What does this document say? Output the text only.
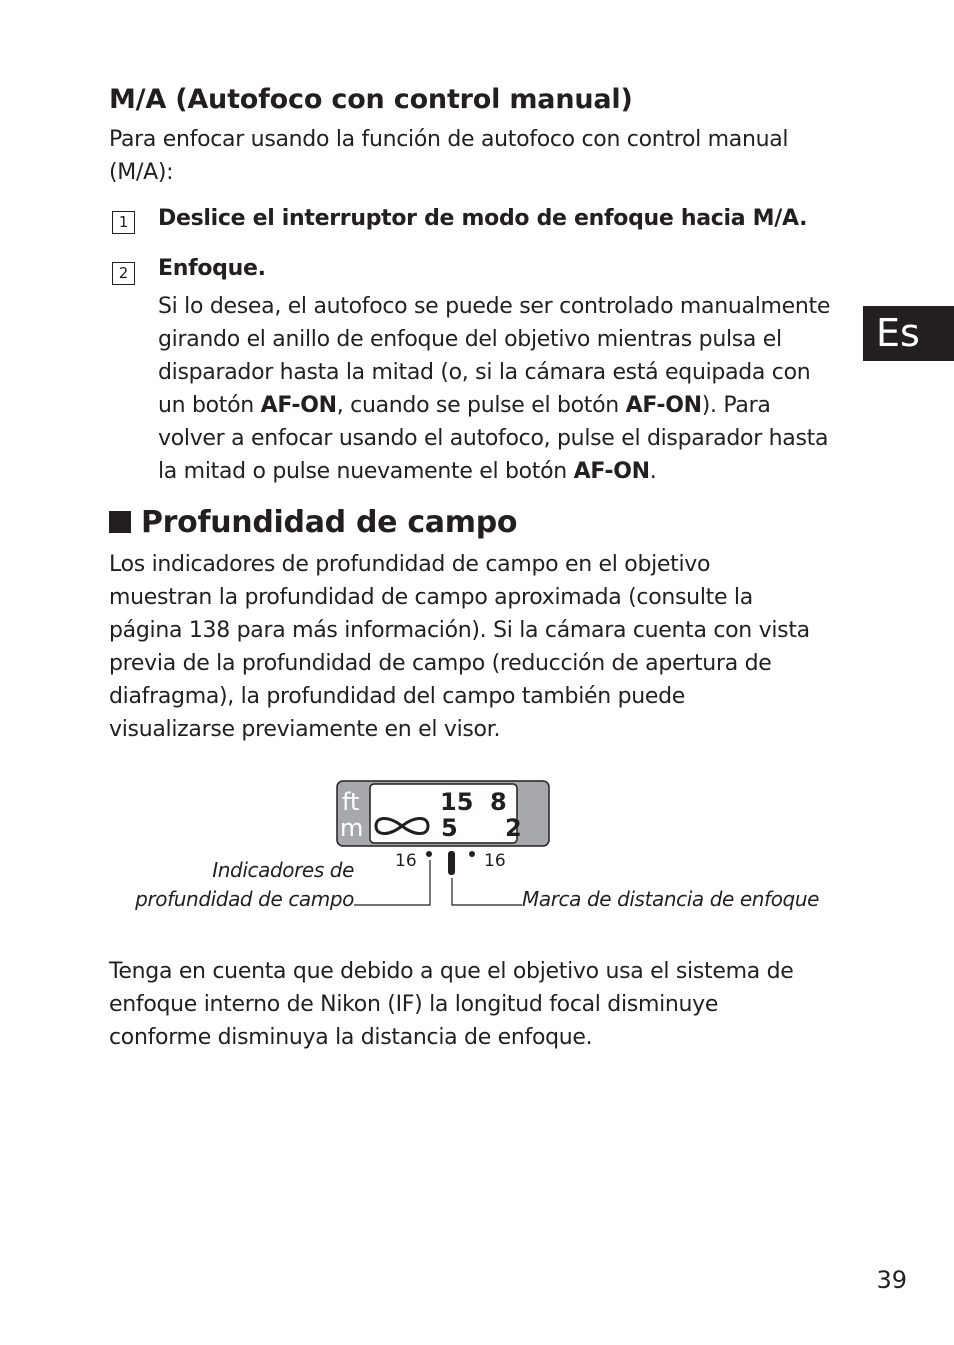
M/A (Autofoco con control manual)

Para enfocar usando la función de autofoco con control manual

(M/A):

1	Deslice el interruptor de modo de enfoque hacia M/A.
2	Enfoque.

Si lo desea, el autofoco se puede ser controlado manualmente

girando el anillo de enfoque del objetivo mientras pulsa el

disparador hasta la mitad (o, si la cámara está equipada con

un botón AF-ON, cuando se pulse el botón AF-ON). Para

volver a enfocar usando el autofoco, pulse el disparador hasta

la mitad o pulse nuevamente el botón AF-ON.

Es
Profundidad de campo

Los indicadores de profundidad de campo en el objetivo

muestran la profundidad de campo aproximada (consulte la

página 138 para más información). Si la cámara cuenta con vista

previa de la profundidad de campo (reducción de apertura de

diafragma), la profundidad del campo también puede

visualizarse previamente en el visor.

ft
m
15 8
5 2
16	16
Indicadores de
profundidad de campo	Marca de distancia de enfoque

Tenga en cuenta que debido a que el objetivo usa el sistema de

enfoque interno de Nikon (IF) la longitud focal disminuye

conforme disminuya la distancia de enfoque.

39
